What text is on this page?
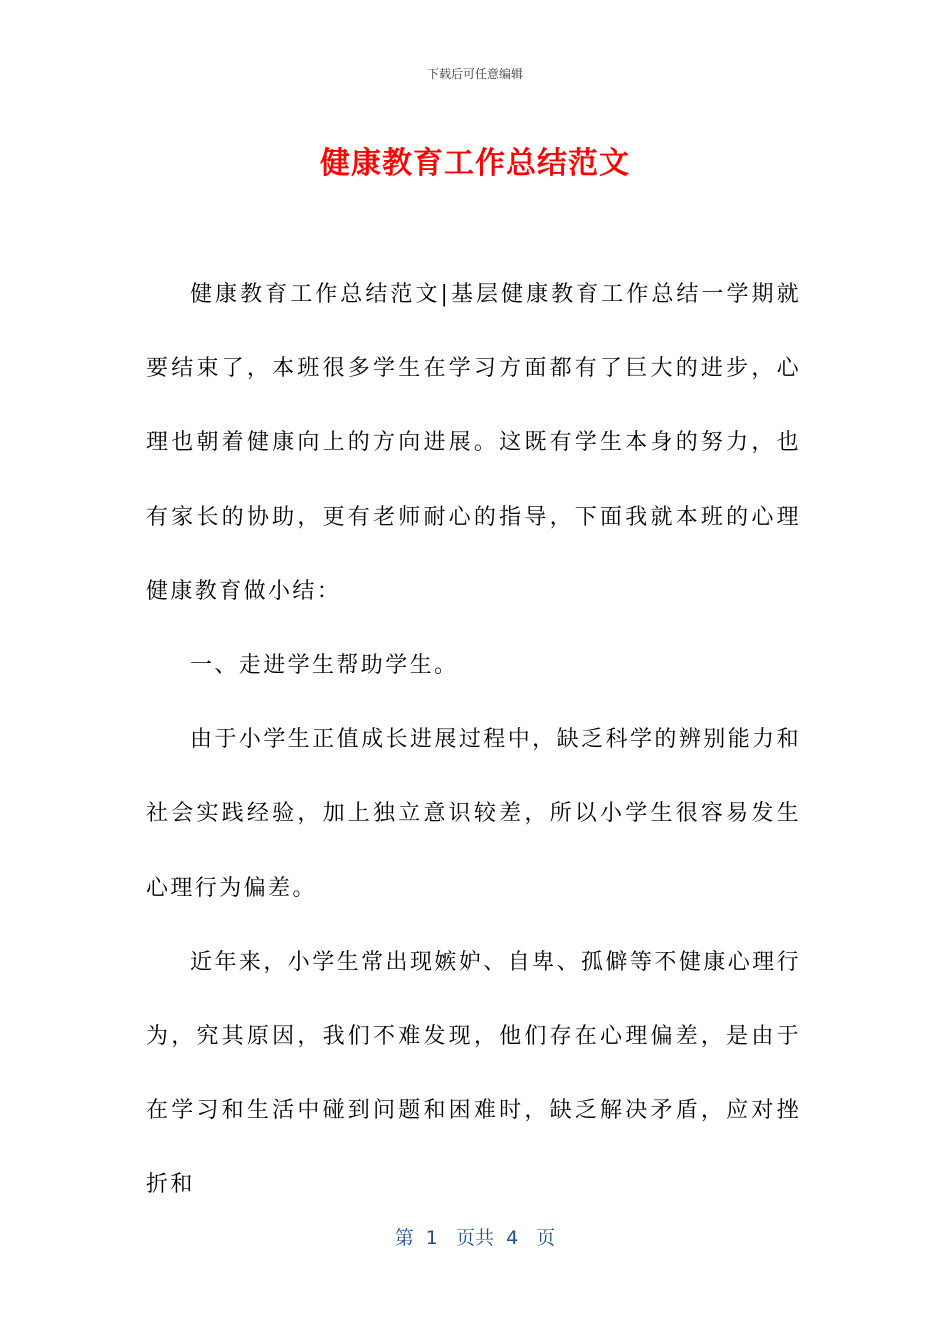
下载后可任意编辑
健康教育工作总结范文

健康教育工作总结范文|基层健康教育工作总结一学期就要结束了，本班很多学生在学习方面都有了巨大的进步，心理也朝着健康向上的方向进展。这既有学生本身的努力，也有家长的协助，更有老师耐心的指导，下面我就本班的心理健康教育做小结：

一、走进学生帮助学生。

由于小学生正值成长进展过程中，缺乏科学的辨别能力和社会实践经验，加上独立意识较差，所以小学生很容易发生心理行为偏差。

近年来，小学生常出现嫉妒、自卑、孤僻等不健康心理行为，究其原因，我们不难发现，他们存在心理偏差，是由于在学习和生活中碰到问题和困难时，缺乏解决矛盾，应对挫折和

第  1   页共  4   页
